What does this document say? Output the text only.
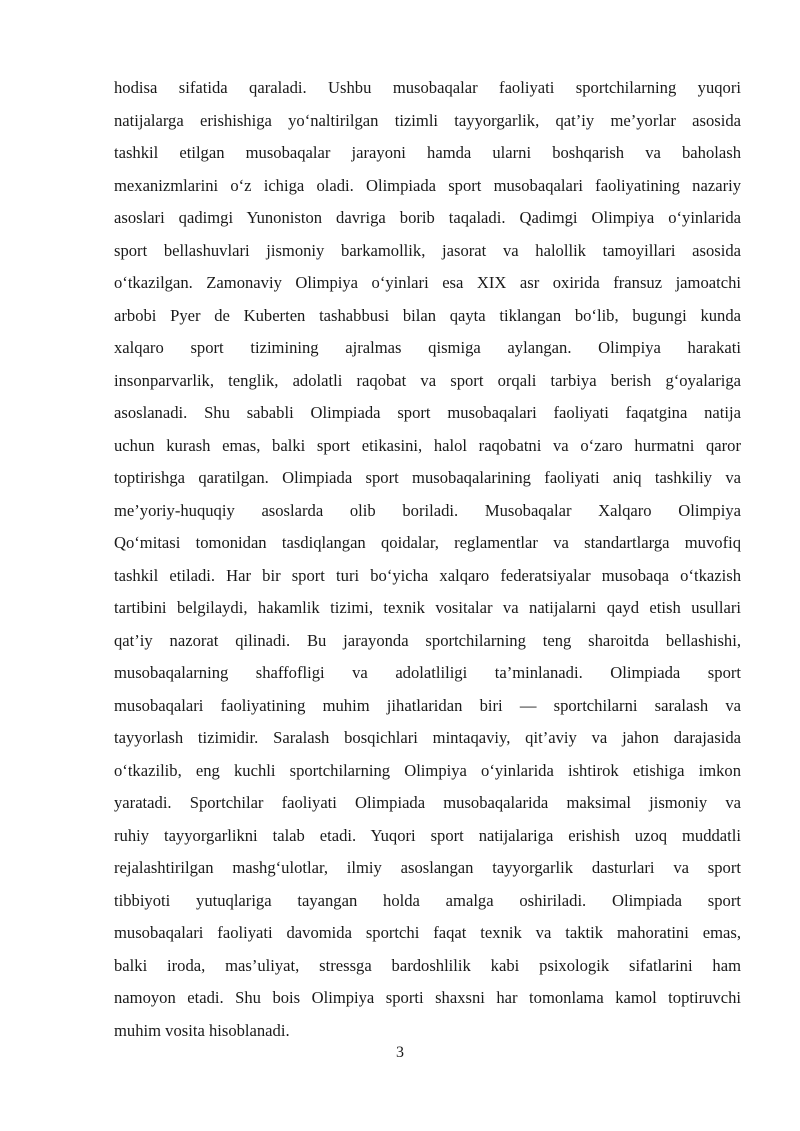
hodisa sifatida qaraladi. Ushbu musobaqalar faoliyati sportchilarning yuqori
natijalarga erishishiga yo‘naltirilgan tizimli tayyorgarlik, qat’iy me’yorlar asosida
tashkil etilgan musobaqalar jarayoni hamda ularni boshqarish va baholash
mexanizmlarini o‘z ichiga oladi. Olimpiada sport musobaqalari faoliyatining nazariy
asoslari qadimgi Yunoniston davriga borib taqaladi. Qadimgi Olimpiya o‘yinlarida
sport bellashuvlari jismoniy barkamollik, jasorat va halollik tamoyillari asosida
o‘tkazilgan. Zamonaviy Olimpiya o‘yinlari esa XIX asr oxirida fransuz jamoatchi
arbobi Pyer de Kuberten tashabbusi bilan qayta tiklangan bo‘lib, bugungi kunda
xalqaro sport tizimining ajralmas qismiga aylangan. Olimpiya harakati
insonparvarlik, tenglik, adolatli raqobat va sport orqali tarbiya berish g‘oyalariga
asoslanadi. Shu sababli Olimpiada sport musobaqalari faoliyati faqatgina natija
uchun kurash emas, balki sport etikasini, halol raqobatni va o‘zaro hurmatni qaror
toptirishga qaratilgan. Olimpiada sport musobaqalarining faoliyati aniq tashkiliy va
me’yoriy-huquqiy asoslarda olib boriladi. Musobaqalar Xalqaro Olimpiya
Qo‘mitasi tomonidan tasdiqlangan qoidalar, reglamentlar va standartlarga muvofiq
tashkil etiladi. Har bir sport turi bo‘yicha xalqaro federatsiyalar musobaqa o‘tkazish
tartibini belgilaydi, hakamlik tizimi, texnik vositalar va natijalarni qayd etish usullari
qat’iy nazorat qilinadi. Bu jarayonda sportchilarning teng sharoitda bellashishi,
musobaqalarning shaffofligi va adolatliligi ta’minlanadi. Olimpiada sport
musobaqalari faoliyatining muhim jihatlaridan biri — sportchilarni saralash va
tayyorlash tizimidir. Saralash bosqichlari mintaqaviy, qit’aviy va jahon darajasida
o‘tkazilib, eng kuchli sportchilarning Olimpiya o‘yinlarida ishtirok etishiga imkon
yaratadi. Sportchilar faoliyati Olimpiada musobaqalarida maksimal jismoniy va
ruhiy tayyorgarlikni talab etadi. Yuqori sport natijalariga erishish uzoq muddatli
rejalashtirilgan mashg‘ulotlar, ilmiy asoslangan tayyorgarlik dasturlari va sport
tibbiyoti yutuqlariga tayangan holda amalga oshiriladi. Olimpiada sport
musobaqalari faoliyati davomida sportchi faqat texnik va taktik mahoratini emas,
balki iroda, mas’uliyat, stressga bardoshlilik kabi psixologik sifatlarini ham
namoyon etadi. Shu bois Olimpiya sporti shaxsni har tomonlama kamol toptiruvchi
muhim vosita hisoblanadi.
3
